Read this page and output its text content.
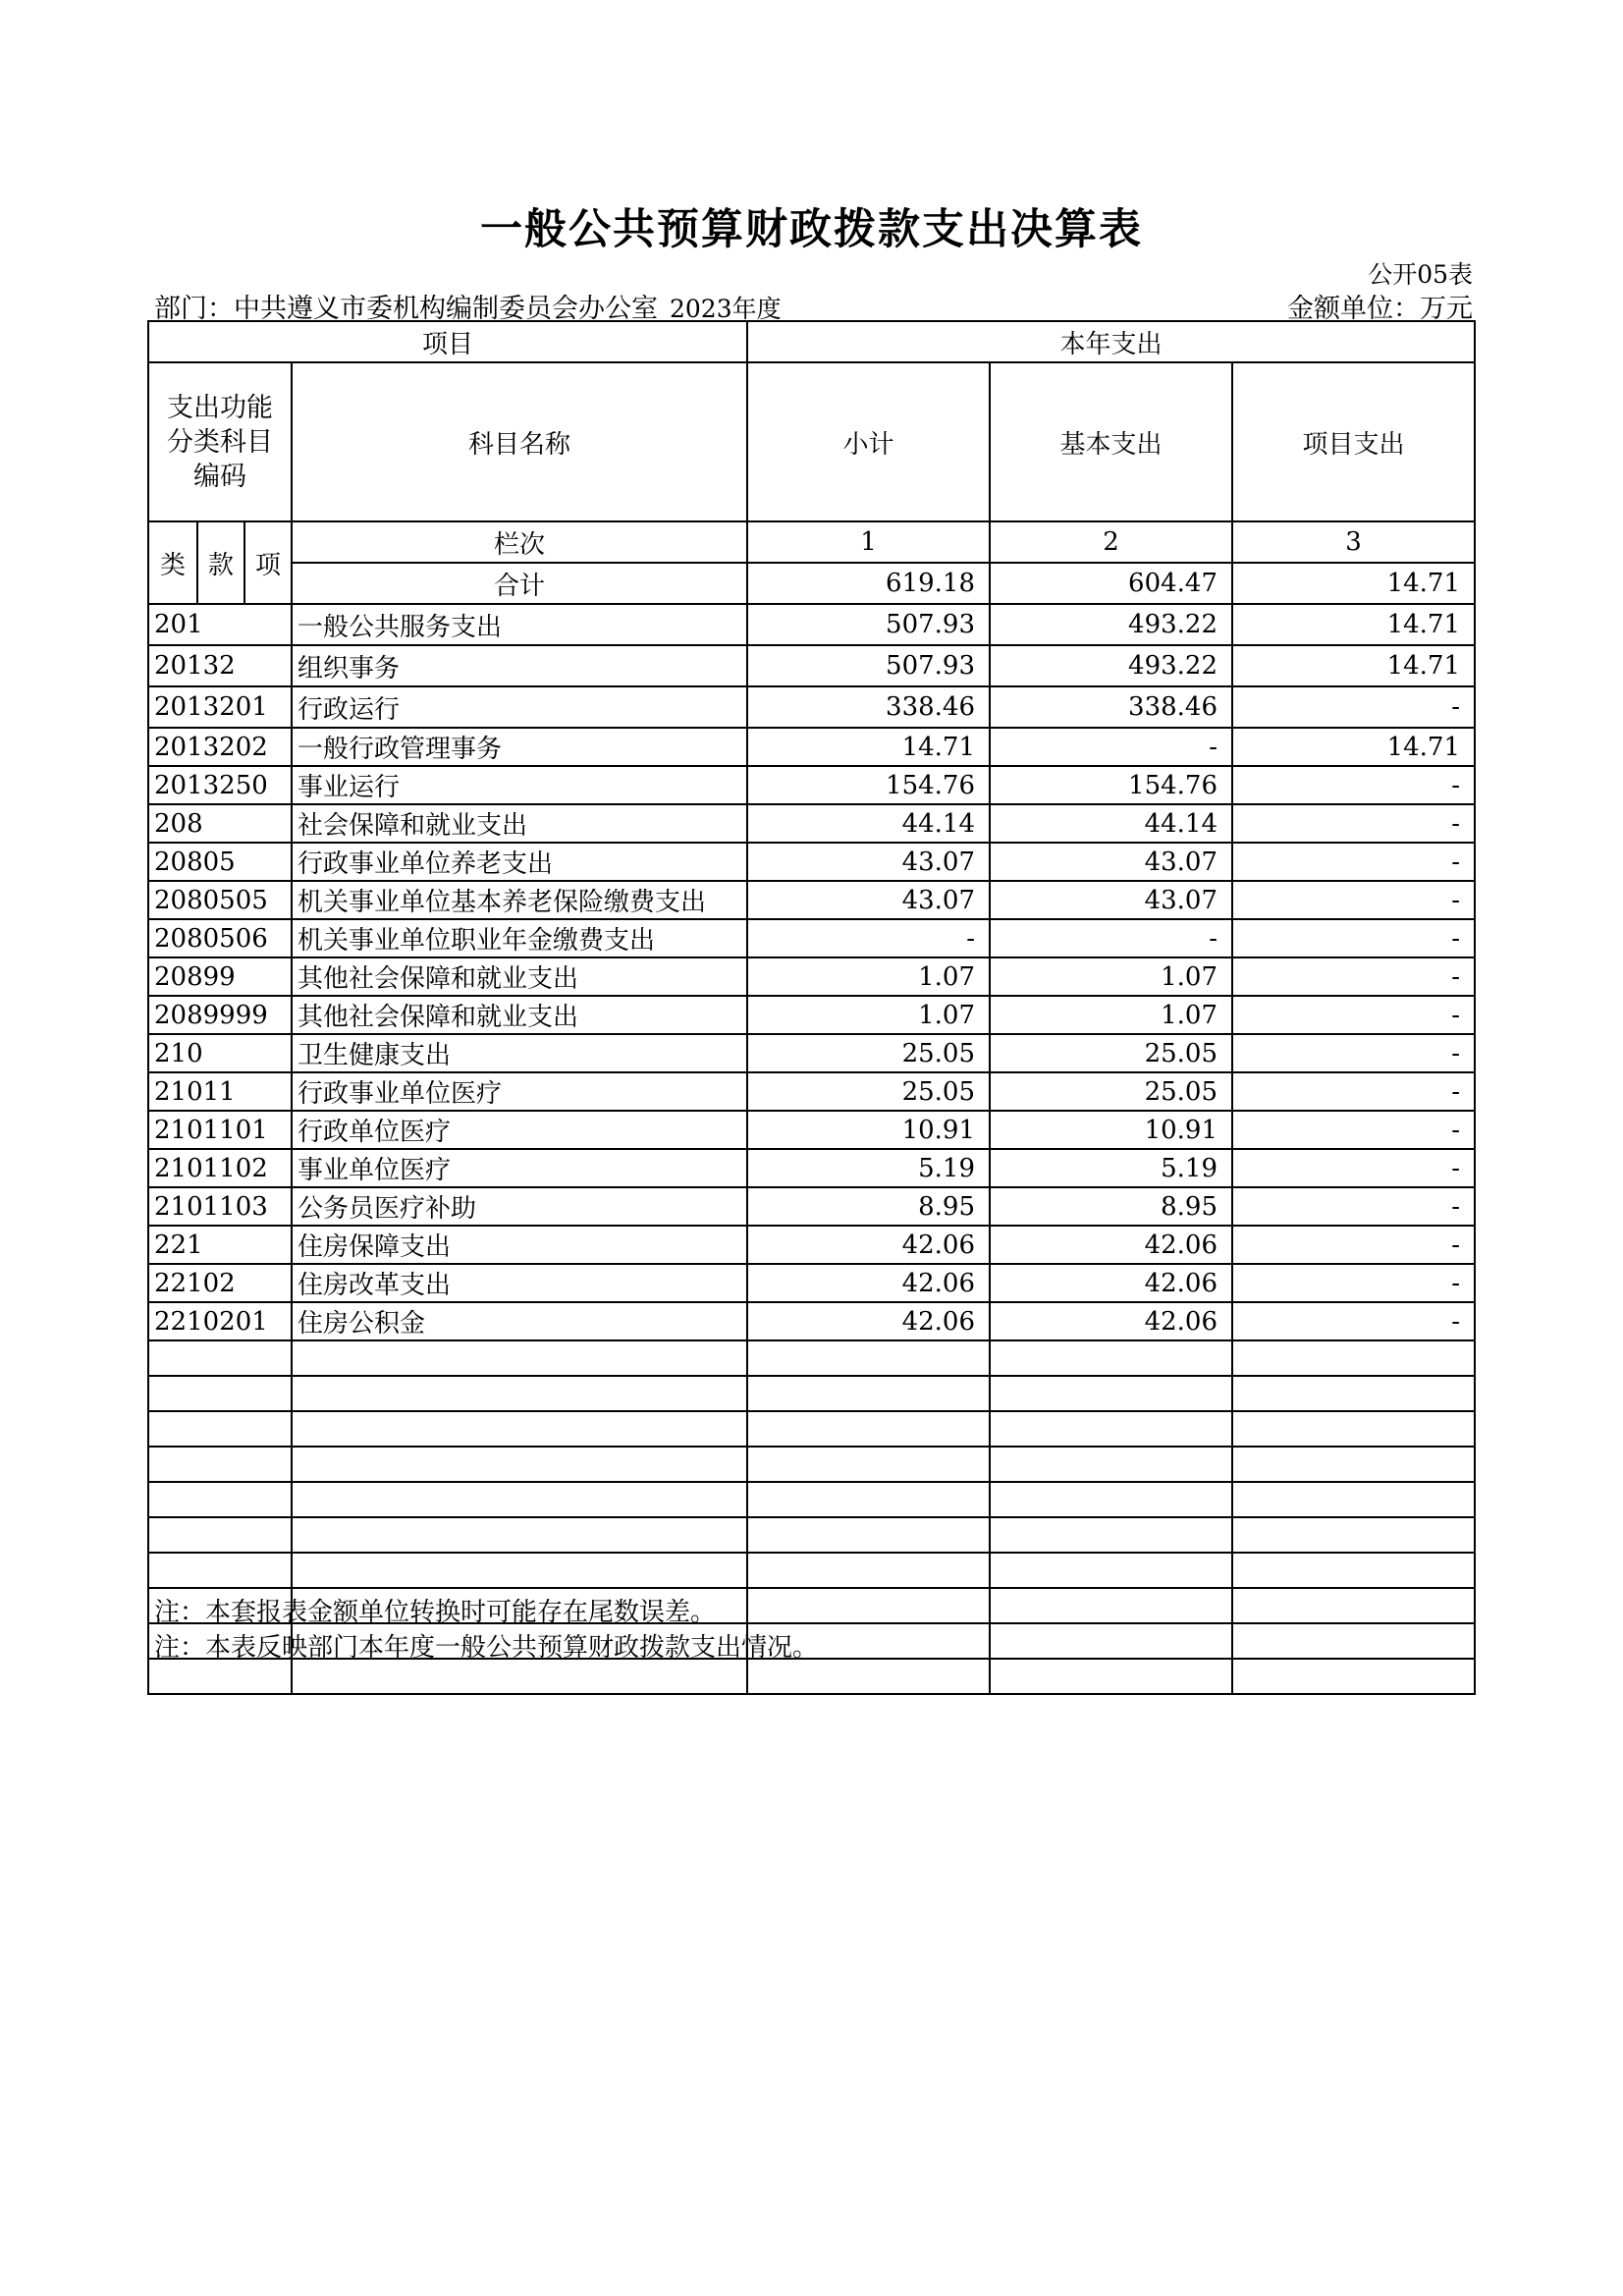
一般公共预算财政拨款支出决算表
公开05表
部门：中共遵义市委机构编制委员会办公室 2023年度	金额单位：万元
项目				本年支出		
支出功能分类科目编码			科目名称	小计	基本支出	项目支出
类	款	项				
			栏次	1	2	3
			合计	619.18	604.47	14.71
201			一般公共服务支出	507.93	493.22	14.71
20132			组织事务	507.93	493.22	14.71
2013201			行政运行	338.46	338.46	-
2013202			一般行政管理事务	14.71	-	14.71
2013250			事业运行	154.76	154.76	-
208			社会保障和就业支出	44.14	44.14	-
20805			行政事业单位养老支出	43.07	43.07	-
2080505			机关事业单位基本养老保险缴费支出	43.07	43.07	-
2080506			机关事业单位职业年金缴费支出	-	-	-
20899			其他社会保障和就业支出	1.07	1.07	-
2089999			其他社会保障和就业支出	1.07	1.07	-
210			卫生健康支出	25.05	25.05	-
21011			行政事业单位医疗	25.05	25.05	-
2101101			行政单位医疗	10.91	10.91	-
2101102			事业单位医疗	5.19	5.19	-
2101103			公务员医疗补助	8.95	8.95	-
221			住房保障支出	42.06	42.06	-
22102			住房改革支出	42.06	42.06	-
2210201			住房公积金	42.06	42.06	-

注：本套报表金额单位转换时可能存在尾数误差。
注：本表反映部门本年度一般公共预算财政拨款支出情况。
